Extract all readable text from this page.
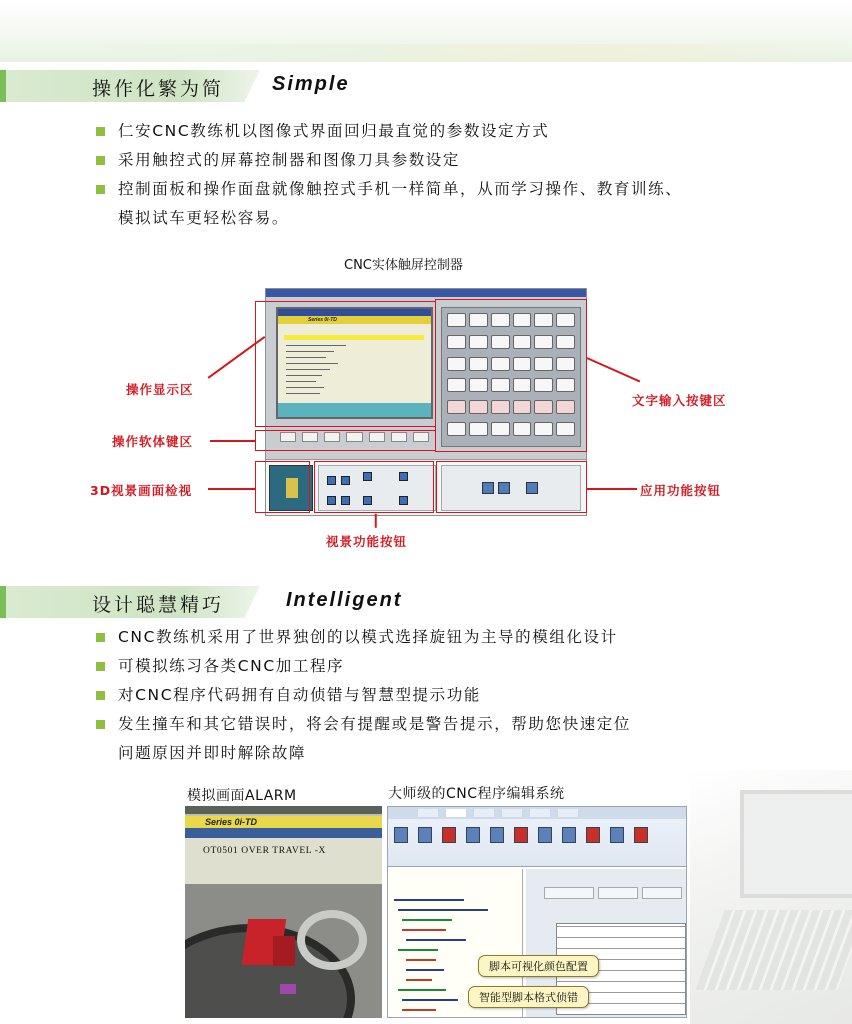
操作化繁为简 Simple
仁安CNC教练机以图像式界面回归最直觉的参数设定方式
采用触控式的屏幕控制器和图像刀具参数设定
控制面板和操作面盘就像触控式手机一样简单，从而学习操作、教育训练、
模拟试车更轻松容易。
CNC实体触屏控制器
Series 0i-TD
操作显示区
操作软体键区
3D视景画面检视
视景功能按钮
文字输入按键区
应用功能按钮
设计聪慧精巧	Intelligent
CNC教练机采用了世界独创的以模式选择旋钮为主导的模组化设计
可模拟练习各类CNC加工程序
对CNC程序代码拥有自动侦错与智慧型提示功能
发生撞车和其它错误时，将会有提醒或是警告提示，帮助您快速定位
问题原因并即时解除故障
模拟画面ALARM	大师级的CNC程序编辑系统
Series 0i-TD
OT0501 OVER TRAVEL -X
脚本可视化颜色配置
智能型脚本格式侦错
